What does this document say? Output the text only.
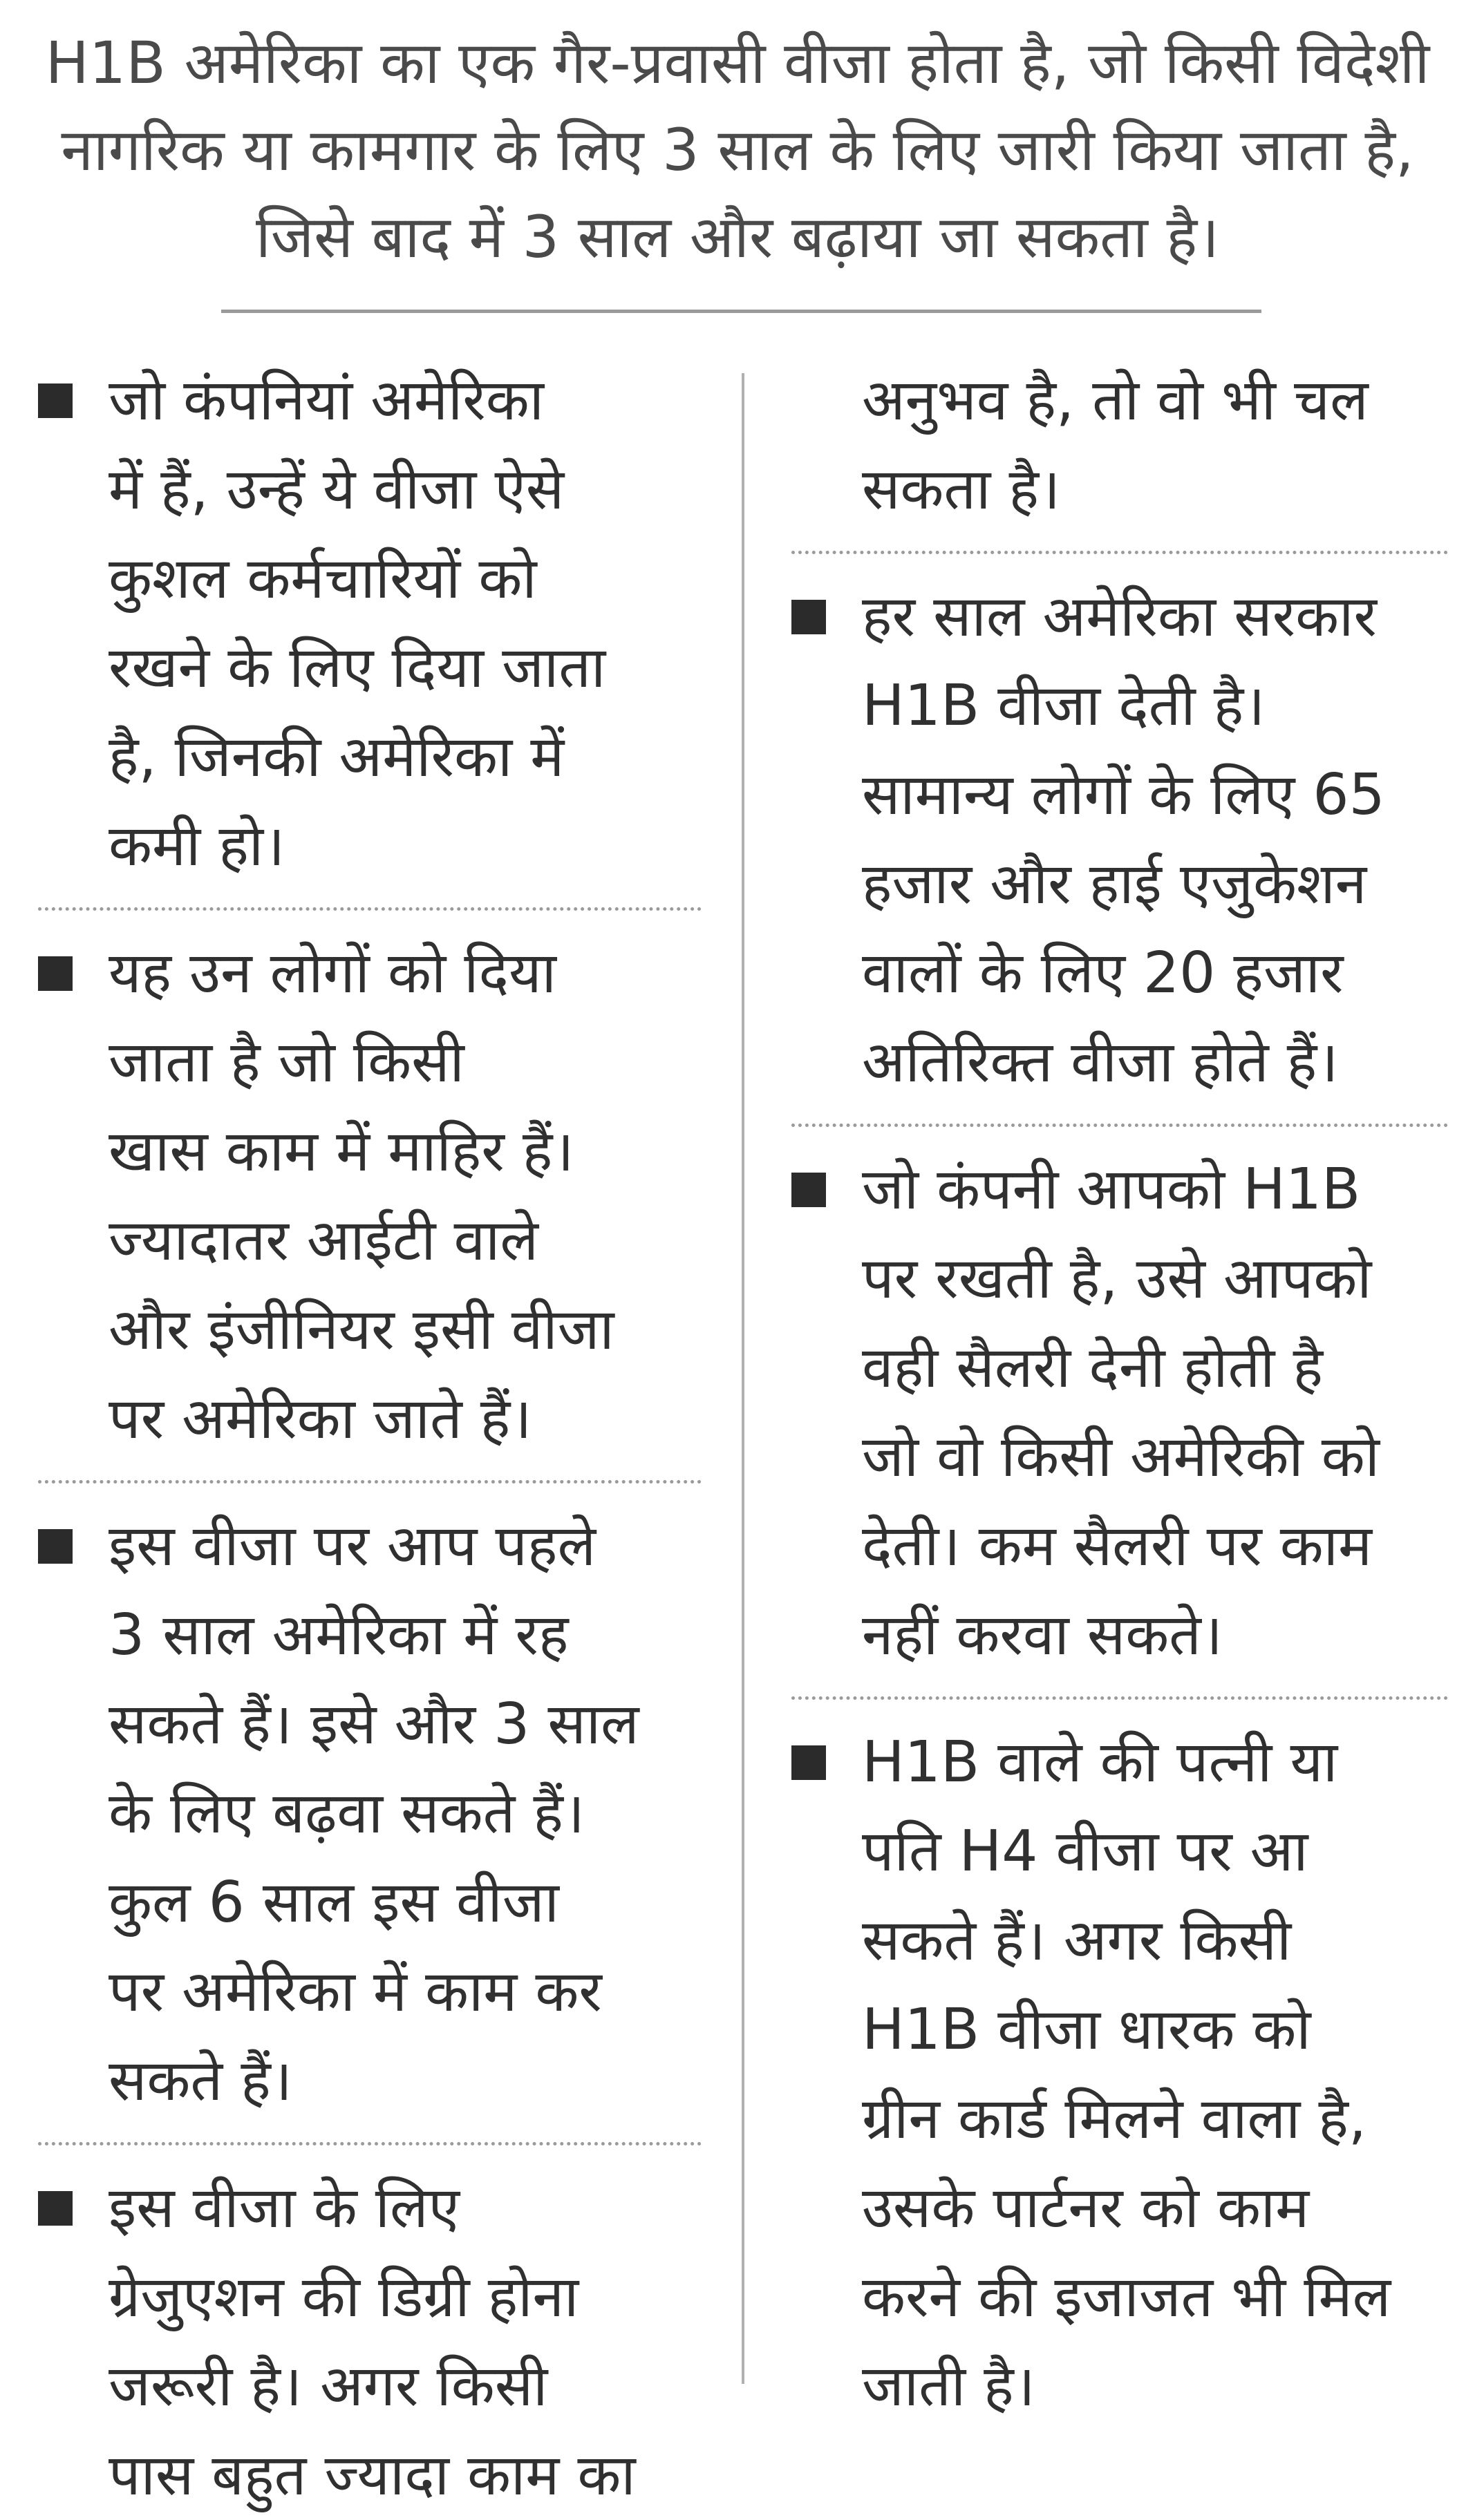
H1B अमेरिका का एक गैर-प्रवासी वीजा होता है, जो किसी विदेशी नागरिक या कामगार के लिए 3 साल के लिए जारी किया जाता है, जिसे बाद में 3 साल और बढ़ाया जा सकता है।

जो कंपनियां अमेरिका
में हैं, उन्हें ये वीजा ऐसे
कुशल कर्मचारियों को
रखने के लिए दिया जाता
है, जिनकी अमेरिका में
कमी हो।
यह उन लोगों को दिया
जाता है जो किसी
खास काम में माहिर हैं।
ज्यादातर आईटी वाले
और इंजीनियर इसी वीजा
पर अमेरिका जाते हैं।
इस वीजा पर आप पहले
3 साल अमेरिका में रह
सकते हैं। इसे और 3 साल
के लिए बढ़वा सकते हैं।
कुल 6 साल इस वीजा
पर अमेरिका में काम कर
सकते हैं।
इस वीजा के लिए
ग्रेजुएशन की डिग्री होना
जरूरी है। अगर किसी
पास बहुत ज्यादा काम का
अनुभव है, तो वो भी चल
सकता है।
हर साल अमेरिका सरकार
H1B वीजा देती है।
सामान्य लोगों के लिए 65
हजार और हाई एजुकेशन
वालों के लिए 20 हजार
अतिरिक्त वीजा होते हैं।
जो कंपनी आपको H1B
पर रखती है, उसे आपको
वही सैलरी देनी होती है
जो वो किसी अमेरिकी को
देती। कम सैलरी पर काम
नहीं करवा सकते।
H1B वाले की पत्नी या
पति H4 वीजा पर आ
सकते हैं। अगर किसी
H1B वीजा धारक को
ग्रीन कार्ड मिलने वाला है,
उसके पार्टनर को काम
करने की इजाजत भी मिल
जाती है।
